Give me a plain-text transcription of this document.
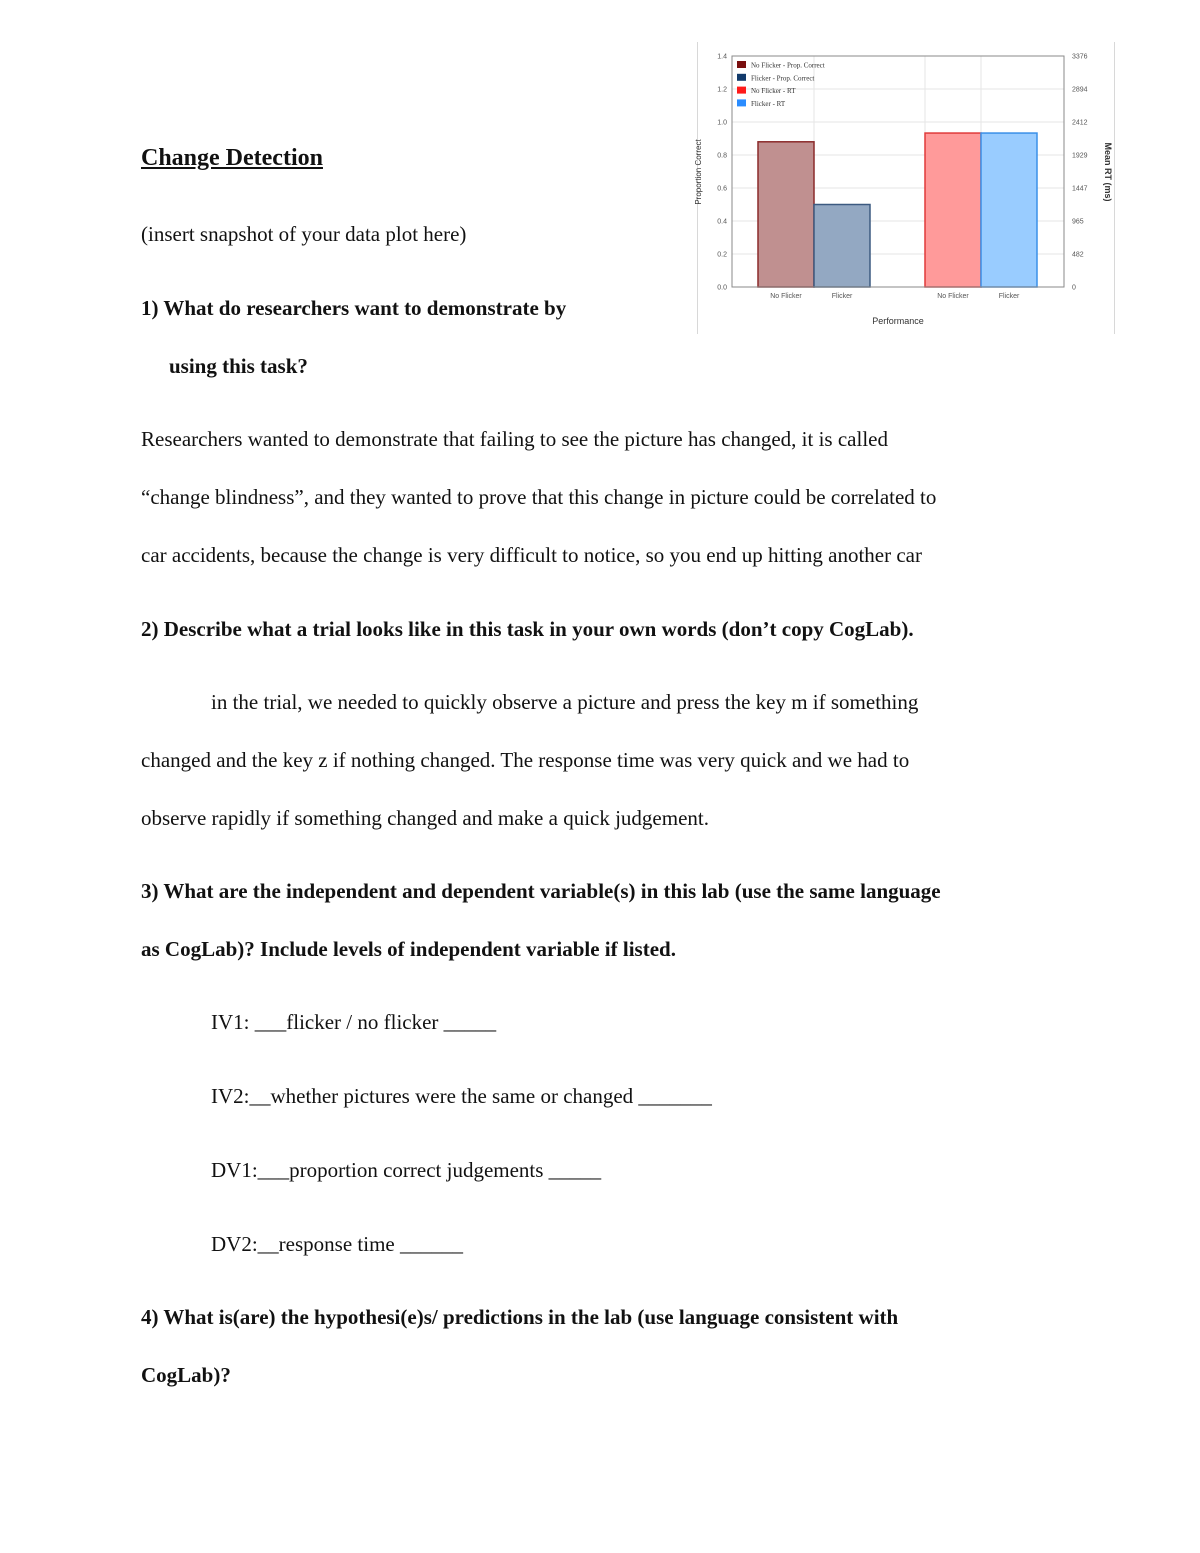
Change Detection
(insert snapshot of your data plot here)
1) What do researchers want to demonstrate by
using this task?
Researchers wanted to demonstrate that failing to see the picture has changed, it is called
“change blindness”, and they wanted to prove that this change in picture could be correlated to
car accidents, because the change is very difficult to notice, so you end up hitting another car
2) Describe what a trial looks like in this task in your own words (don’t copy CogLab).
in the trial, we needed to quickly observe a picture and press the key m if something
changed and the key z if nothing changed. The response time was very quick and we had to
observe rapidly if something changed and make a quick judgement.
3) What are the independent and dependent variable(s) in this lab (use the same language
as CogLab)? Include levels of independent variable if listed.
IV1: ___flicker / no flicker _____
IV2:__whether pictures were the same or changed _______
DV1:___proportion correct judgements _____
DV2:__response time ______
4) What is(are) the hypothesi(e)s/ predictions in the lab (use language consistent with
CogLab)?
0.0
0.2
0.4
0.6
0.8
1.0
1.2
1.4
0
482
965
1447
1929
2412
2894
3376
No Flicker	Flicker	No Flicker	Flicker
Proportion Correct	Mean RT (ms)
Performance
No Flicker - Prop. Correct
Flicker - Prop. Correct
No Flicker - RT
Flicker - RT
